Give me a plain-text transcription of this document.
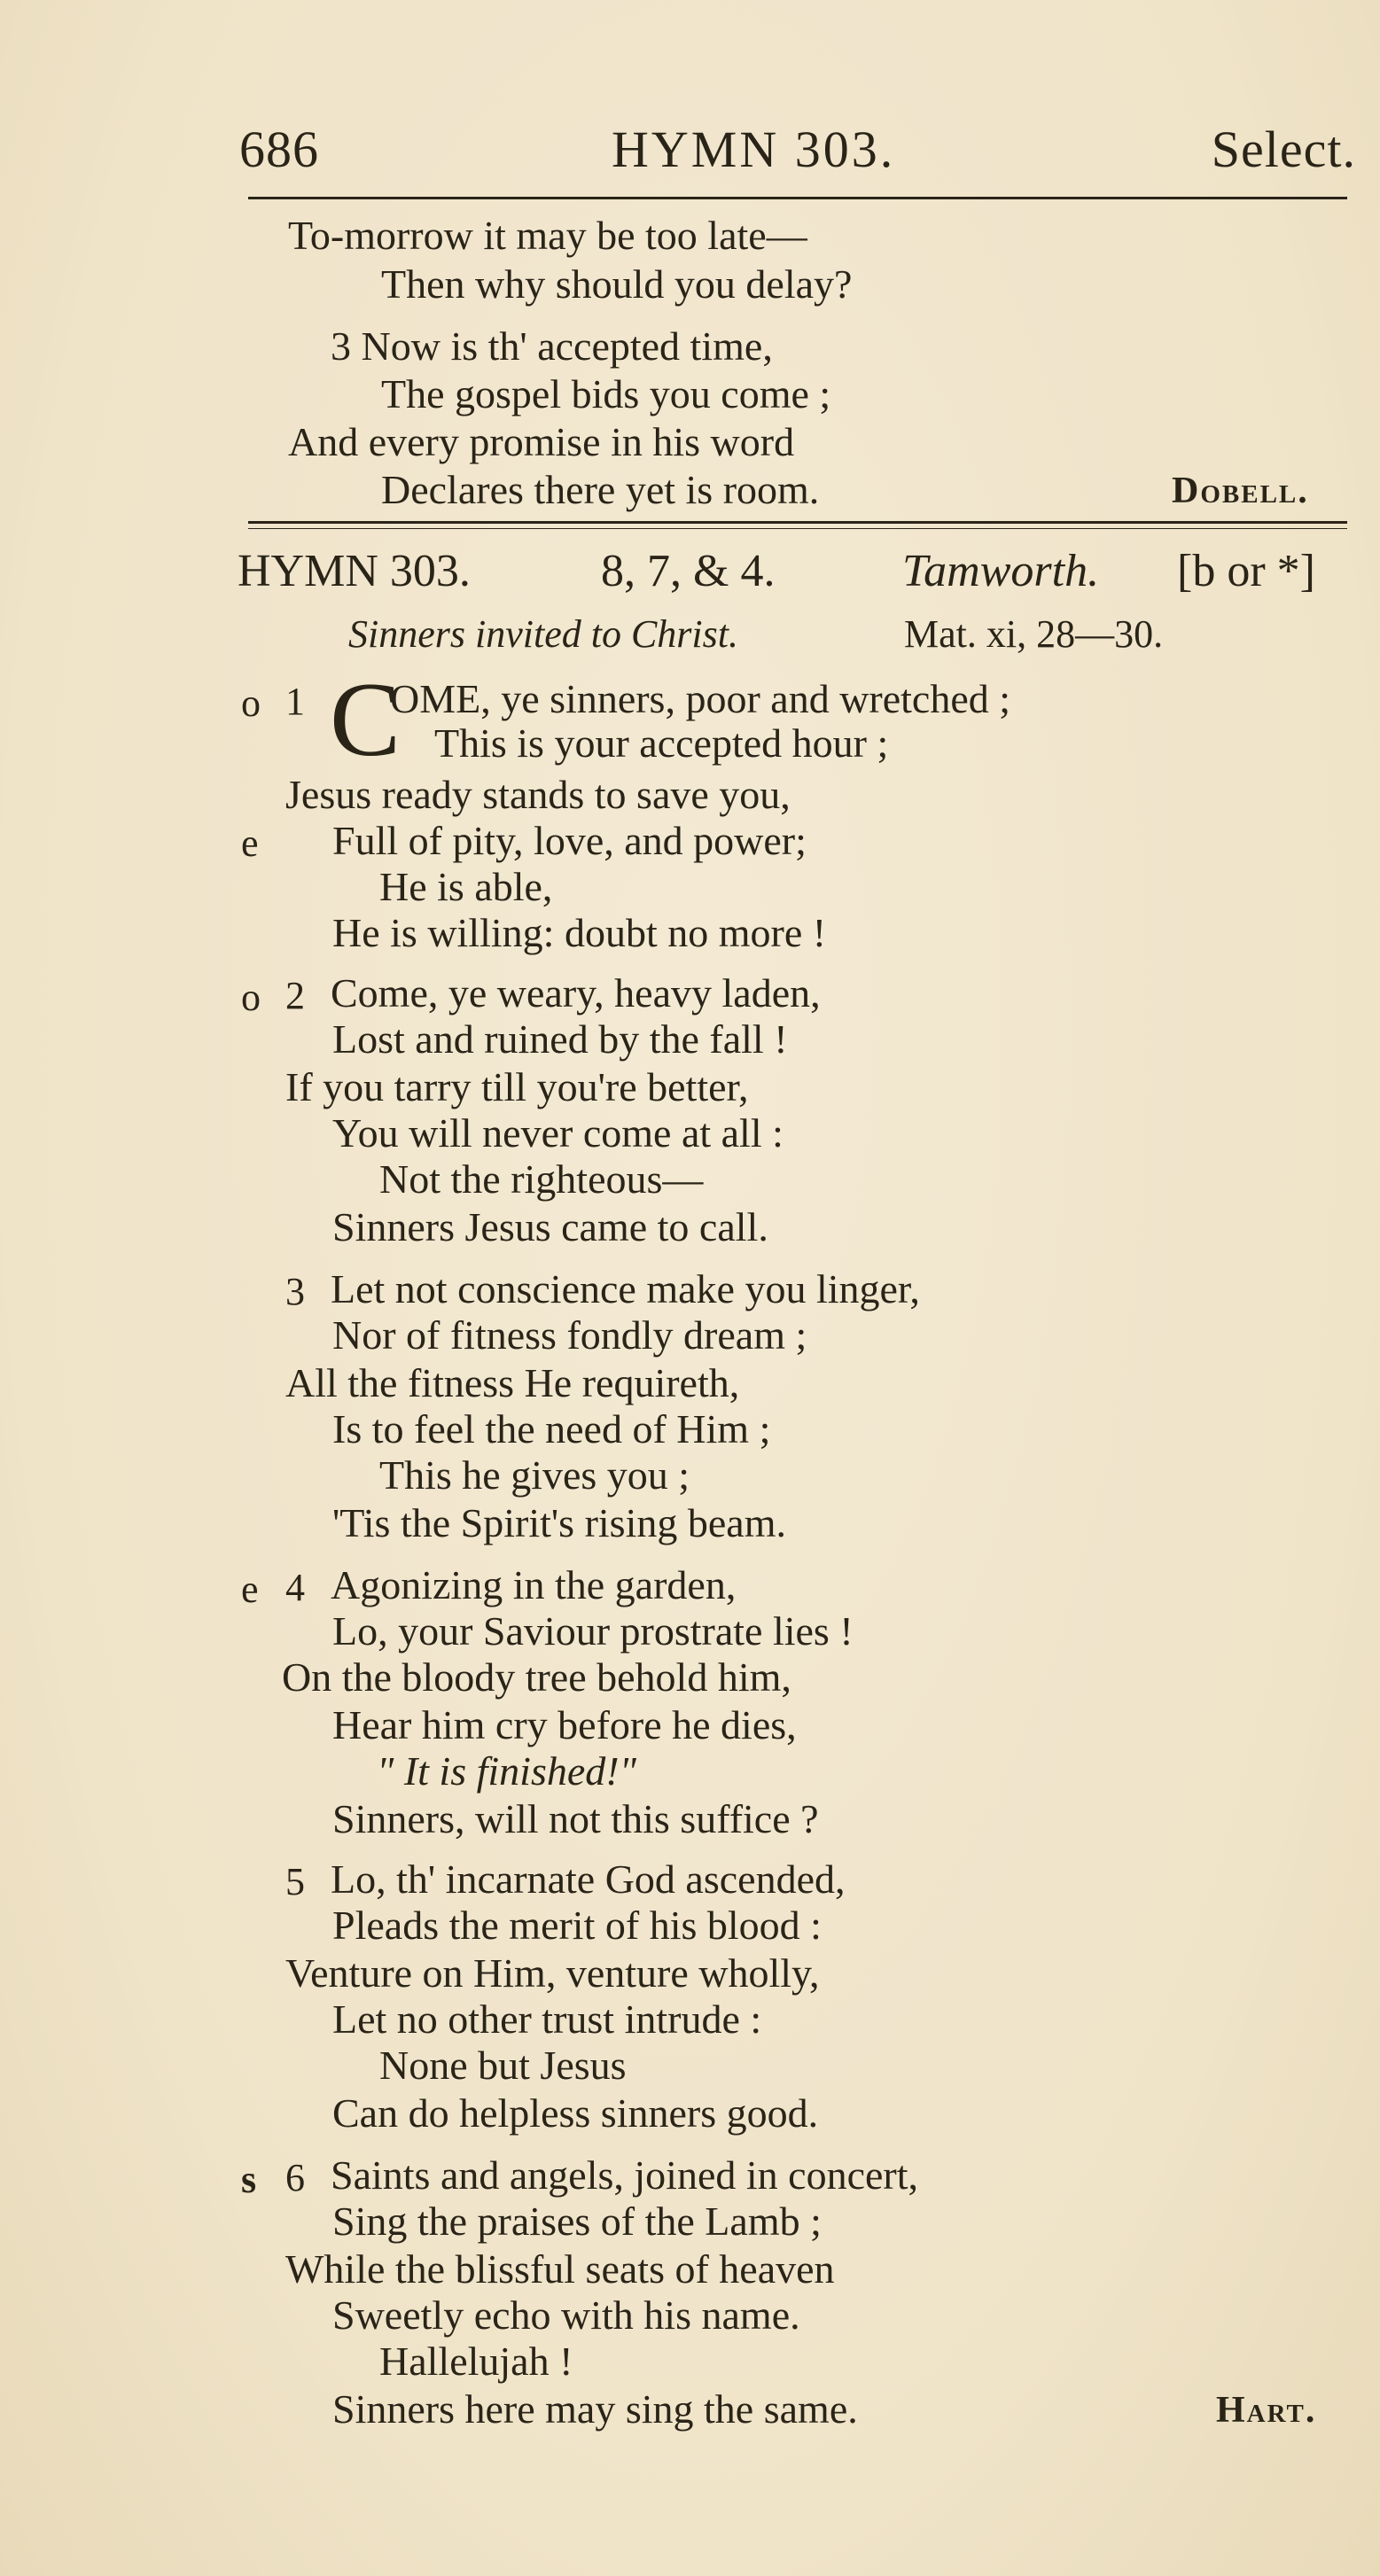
686	HYMN 303.	Select.
To-morrow it may be too late—
Then why should you delay?
3 Now is th' accepted time,
The gospel bids you come ;
And every promise in his word
Declares there yet is room.	Dobell.
HYMN 303.	8, 7, & 4.	Tamworth. [b or *]
Sinners invited to Christ.	Mat. xi, 28—30.
o 1 C
OME, ye sinners, poor and wretched ;
This is your accepted hour ;
Jesus ready stands to save you,
e Full of pity, love, and power;
He is able,
He is willing: doubt no more !
o 2 Come, ye weary, heavy laden,
Lost and ruined by the fall !
If you tarry till you're better,
You will never come at all :
Not the righteous—
Sinners Jesus came to call.
3 Let not conscience make you linger,
Nor of fitness fondly dream ;
All the fitness He requireth,
Is to feel the need of Him ;
This he gives you ;
'Tis the Spirit's rising beam.
e 4 Agonizing in the garden,
Lo, your Saviour prostrate lies !
On the bloody tree behold him,
Hear him cry before he dies,
" It is finished!"
Sinners, will not this suffice ?
5 Lo, th' incarnate God ascended,
Pleads the merit of his blood :
Venture on Him, venture wholly,
Let no other trust intrude :
None but Jesus
Can do helpless sinners good.
s 6 Saints and angels, joined in concert,
Sing the praises of the Lamb ;
While the blissful seats of heaven
Sweetly echo with his name.
Hallelujah !
Sinners here may sing the same.	Hart.
